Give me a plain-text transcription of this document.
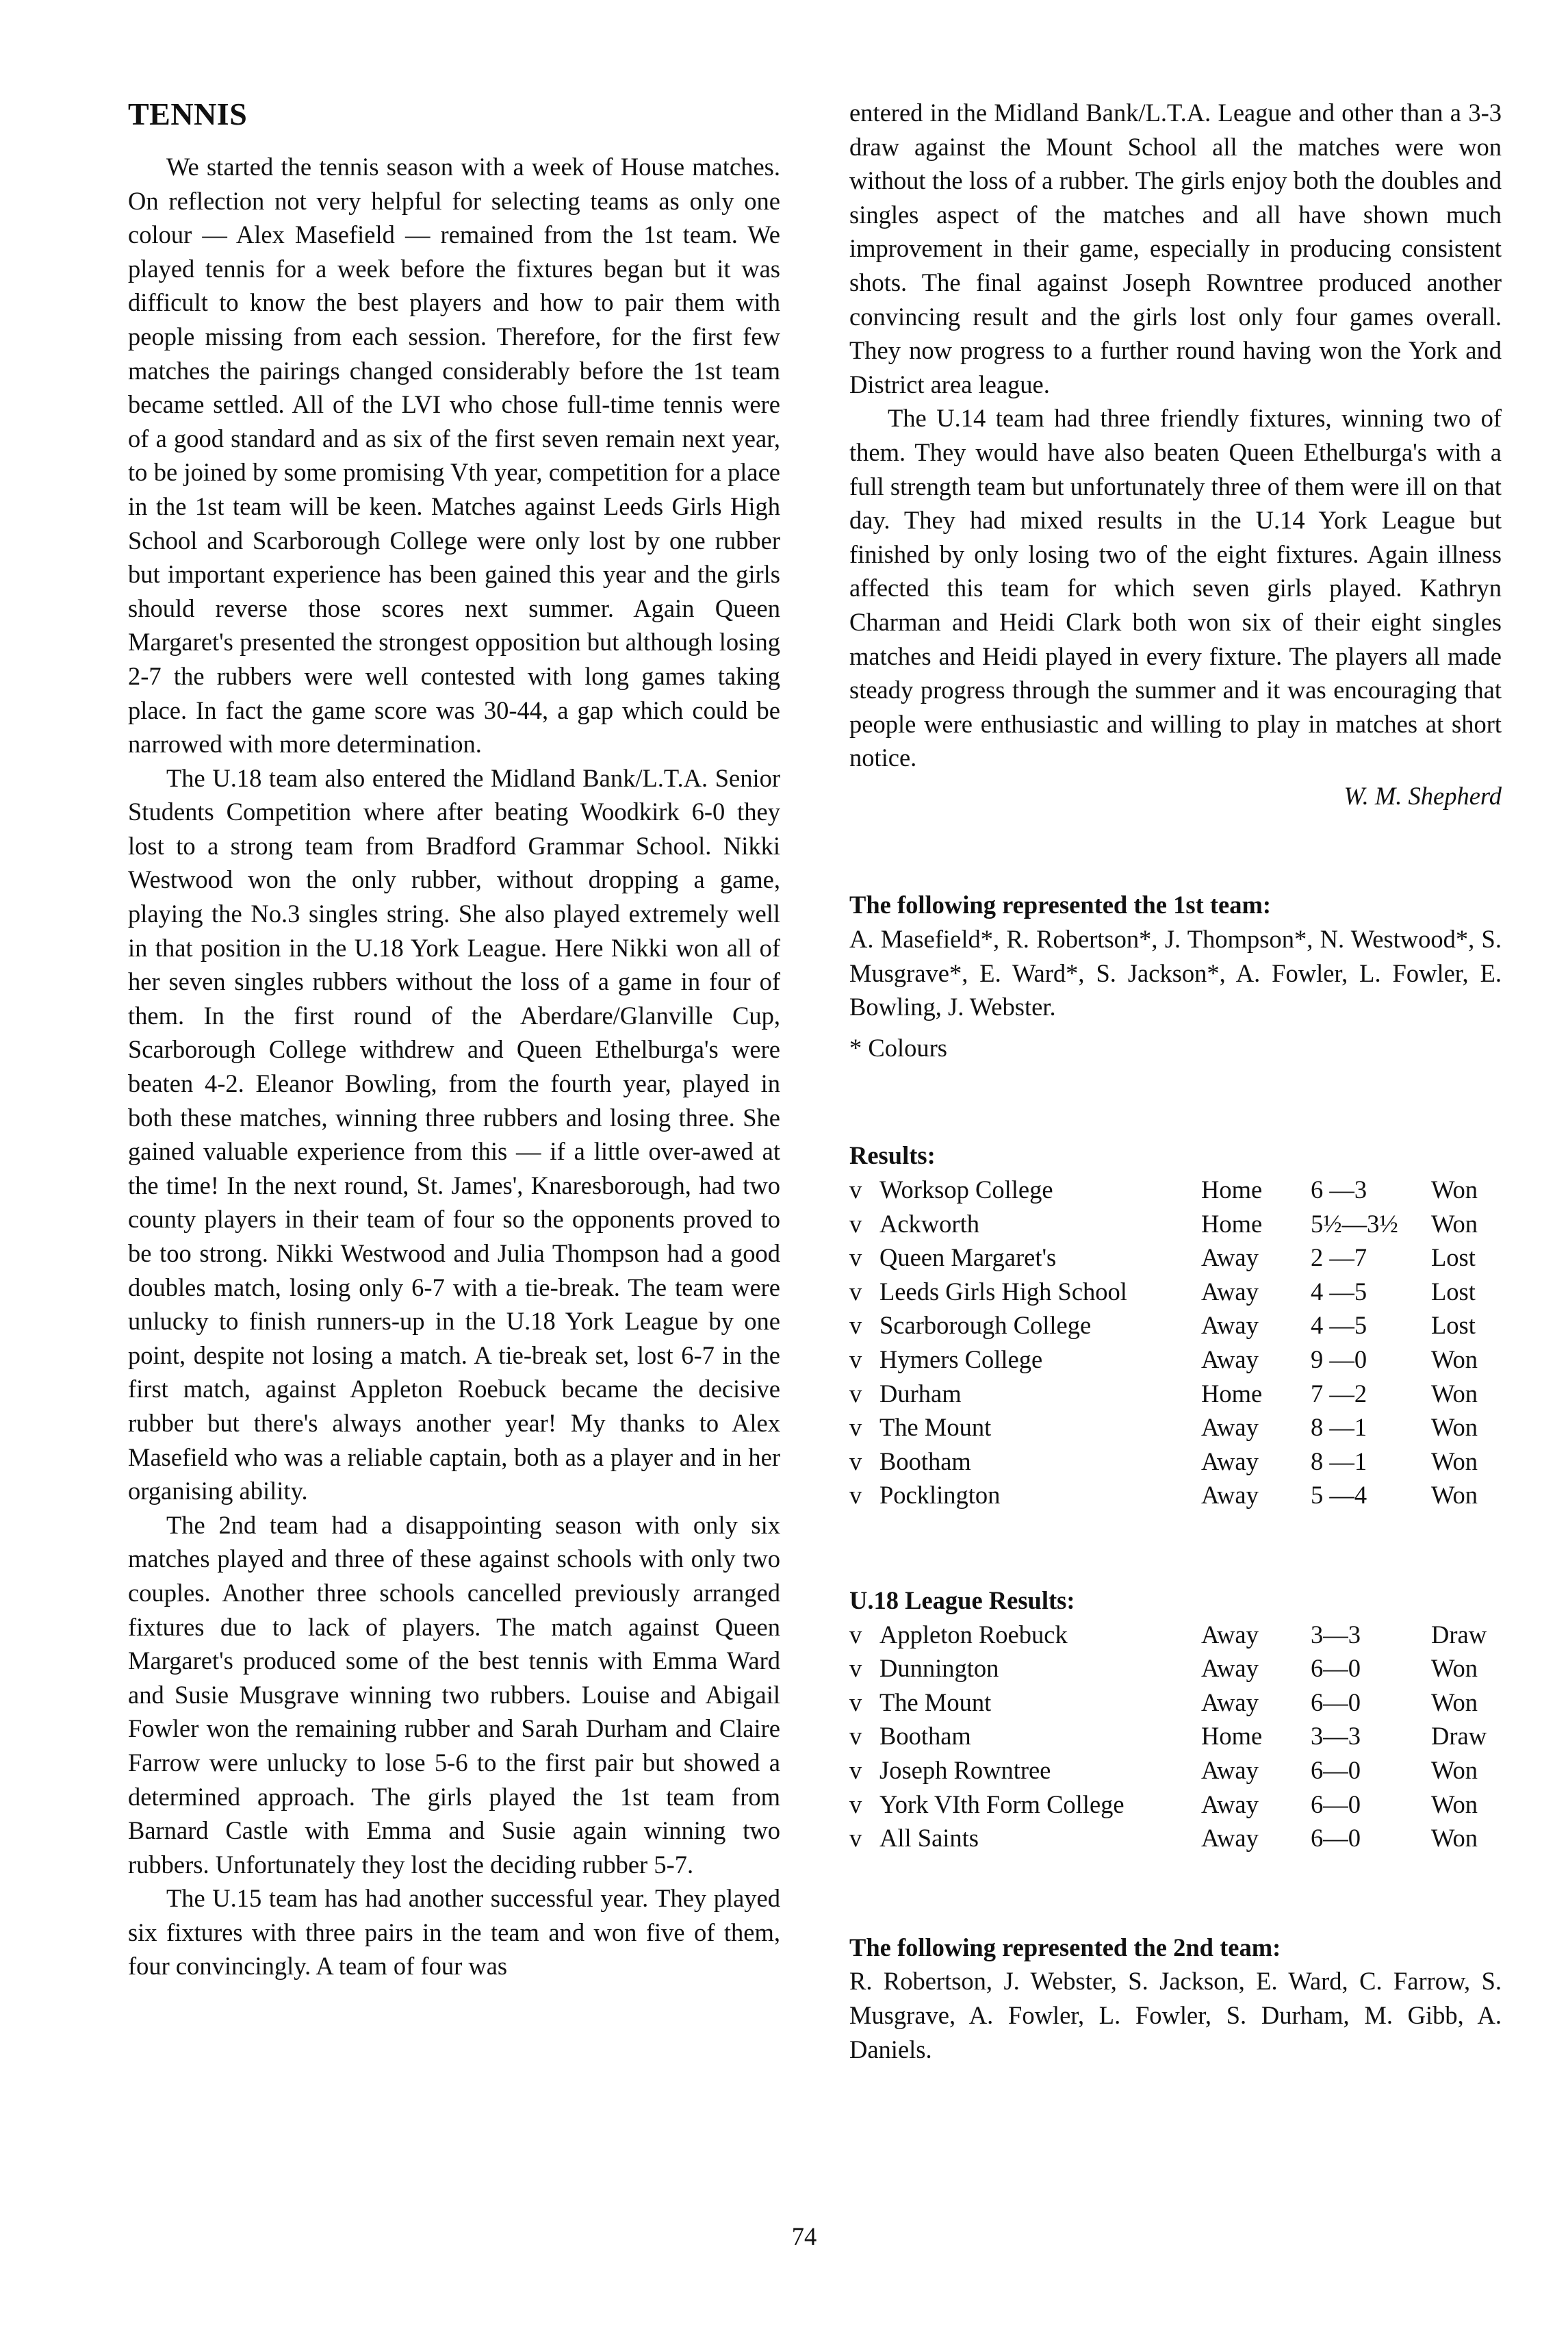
TENNIS

We started the tennis season with a week of House matches. On reflection not very helpful for selecting teams as only one colour — Alex Masefield — remained from the 1st team. We played tennis for a week before the fixtures began but it was difficult to know the best players and how to pair them with people missing from each session. Therefore, for the first few matches the pairings changed considerably before the 1st team became settled. All of the LVI who chose full-time tennis were of a good standard and as six of the first seven remain next year, to be joined by some promising Vth year, competition for a place in the 1st team will be keen. Matches against Leeds Girls High School and Scarborough College were only lost by one rubber but important experience has been gained this year and the girls should reverse those scores next summer. Again Queen Margaret's presented the strongest opposition but although losing 2-7 the rubbers were well contested with long games taking place. In fact the game score was 30-44, a gap which could be narrowed with more determination.

The U.18 team also entered the Midland Bank/L.T.A. Senior Students Competition where after beating Woodkirk 6-0 they lost to a strong team from Bradford Grammar School. Nikki Westwood won the only rubber, without dropping a game, playing the No.3 singles string. She also played extremely well in that position in the U.18 York League. Here Nikki won all of her seven singles rubbers without the loss of a game in four of them. In the first round of the Aberdare/Glanville Cup, Scarborough College withdrew and Queen Ethelburga's were beaten 4-2. Eleanor Bowling, from the fourth year, played in both these matches, winning three rubbers and losing three. She gained valuable experience from this — if a little over-awed at the time! In the next round, St. James', Knaresborough, had two county players in their team of four so the opponents proved to be too strong. Nikki Westwood and Julia Thompson had a good doubles match, losing only 6-7 with a tie-break. The team were unlucky to finish runners-up in the U.18 York League by one point, despite not losing a match. A tie-break set, lost 6-7 in the first match, against Appleton Roebuck became the decisive rubber but there's always another year! My thanks to Alex Masefield who was a reliable captain, both as a player and in her organising ability.

The 2nd team had a disappointing season with only six matches played and three of these against schools with only two couples. Another three schools cancelled previously arranged fixtures due to lack of players. The match against Queen Margaret's produced some of the best tennis with Emma Ward and Susie Musgrave winning two rubbers. Louise and Abigail Fowler won the remaining rubber and Sarah Durham and Claire Farrow were unlucky to lose 5-6 to the first pair but showed a determined approach. The girls played the 1st team from Barnard Castle with Emma and Susie again winning two rubbers. Unfortunately they lost the deciding rubber 5-7.

The U.15 team has had another successful year. They played six fixtures with three pairs in the team and won five of them, four convincingly. A team of four was

entered in the Midland Bank/L.T.A. League and other than a 3-3 draw against the Mount School all the matches were won without the loss of a rubber. The girls enjoy both the doubles and singles aspect of the matches and all have shown much improvement in their game, especially in producing consistent shots. The final against Joseph Rowntree produced another convincing result and the girls lost only four games overall. They now progress to a further round having won the York and District area league.

The U.14 team had three friendly fixtures, winning two of them. They would have also beaten Queen Ethelburga's with a full strength team but unfortunately three of them were ill on that day. They had mixed results in the U.14 York League but finished by only losing two of the eight fixtures. Again illness affected this team for which seven girls played. Kathryn Charman and Heidi Clark both won six of their eight singles matches and Heidi played in every fixture. The players all made steady progress through the summer and it was encouraging that people were enthusiastic and willing to play in matches at short notice.

W. M. Shepherd

The following represented the 1st team:

A. Masefield*, R. Robertson*, J. Thompson*, N. Westwood*, S. Musgrave*, E. Ward*, S. Jackson*, A. Fowler, L. Fowler, E. Bowling, J. Webster.

* Colours

Results:

v	Worksop College	Home	6 —3	Won
v	Ackworth	Home	5½—3½	Won
v	Queen Margaret's	Away	2 —7	Lost
v	Leeds Girls High School	Away	4 —5	Lost
v	Scarborough College	Away	4 —5	Lost
v	Hymers College	Away	9 —0	Won
v	Durham	Home	7 —2	Won
v	The Mount	Away	8 —1	Won
v	Bootham	Away	8 —1	Won
v	Pocklington	Away	5 —4	Won

U.18 League Results:

v	Appleton Roebuck	Away	3—3	Draw
v	Dunnington	Away	6—0	Won
v	The Mount	Away	6—0	Won
v	Bootham	Home	3—3	Draw
v	Joseph Rowntree	Away	6—0	Won
v	York VIth Form College	Away	6—0	Won
v	All Saints	Away	6—0	Won

The following represented the 2nd team:

R. Robertson, J. Webster, S. Jackson, E. Ward, C. Farrow, S. Musgrave, A. Fowler, L. Fowler, S. Durham, M. Gibb, A. Daniels.

74
